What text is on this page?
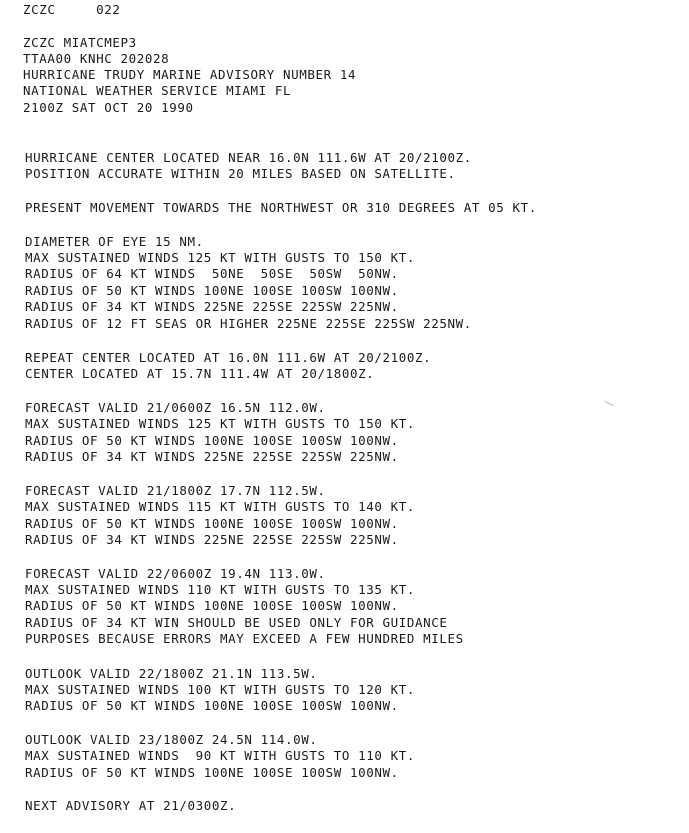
ZCZC     022
ZCZC MIATCMEP3
TTAA00 KNHC 202028
HURRICANE TRUDY MARINE ADVISORY NUMBER 14
NATIONAL WEATHER SERVICE MIAMI FL
2100Z SAT OCT 20 1990
HURRICANE CENTER LOCATED NEAR 16.0N 111.6W AT 20/2100Z.
POSITION ACCURATE WITHIN 20 MILES BASED ON SATELLITE.
PRESENT MOVEMENT TOWARDS THE NORTHWEST OR 310 DEGREES AT 05 KT.
DIAMETER OF EYE 15 NM.
MAX SUSTAINED WINDS 125 KT WITH GUSTS TO 150 KT.
RADIUS OF 64 KT WINDS  50NE  50SE  50SW  50NW.
RADIUS OF 50 KT WINDS 100NE 100SE 100SW 100NW.
RADIUS OF 34 KT WINDS 225NE 225SE 225SW 225NW.
RADIUS OF 12 FT SEAS OR HIGHER 225NE 225SE 225SW 225NW.
REPEAT CENTER LOCATED AT 16.0N 111.6W AT 20/2100Z.
CENTER LOCATED AT 15.7N 111.4W AT 20/1800Z.
FORECAST VALID 21/0600Z 16.5N 112.0W.
MAX SUSTAINED WINDS 125 KT WITH GUSTS TO 150 KT.
RADIUS OF 50 KT WINDS 100NE 100SE 100SW 100NW.
RADIUS OF 34 KT WINDS 225NE 225SE 225SW 225NW.
FORECAST VALID 21/1800Z 17.7N 112.5W.
MAX SUSTAINED WINDS 115 KT WITH GUSTS TO 140 KT.
RADIUS OF 50 KT WINDS 100NE 100SE 100SW 100NW.
RADIUS OF 34 KT WINDS 225NE 225SE 225SW 225NW.
FORECAST VALID 22/0600Z 19.4N 113.0W.
MAX SUSTAINED WINDS 110 KT WITH GUSTS TO 135 KT.
RADIUS OF 50 KT WINDS 100NE 100SE 100SW 100NW.
RADIUS OF 34 KT WIN SHOULD BE USED ONLY FOR GUIDANCE
PURPOSES BECAUSE ERRORS MAY EXCEED A FEW HUNDRED MILES
OUTLOOK VALID 22/1800Z 21.1N 113.5W.
MAX SUSTAINED WINDS 100 KT WITH GUSTS TO 120 KT.
RADIUS OF 50 KT WINDS 100NE 100SE 100SW 100NW.
OUTLOOK VALID 23/1800Z 24.5N 114.0W.
MAX SUSTAINED WINDS  90 KT WITH GUSTS TO 110 KT.
RADIUS OF 50 KT WINDS 100NE 100SE 100SW 100NW.
NEXT ADVISORY AT 21/0300Z.
